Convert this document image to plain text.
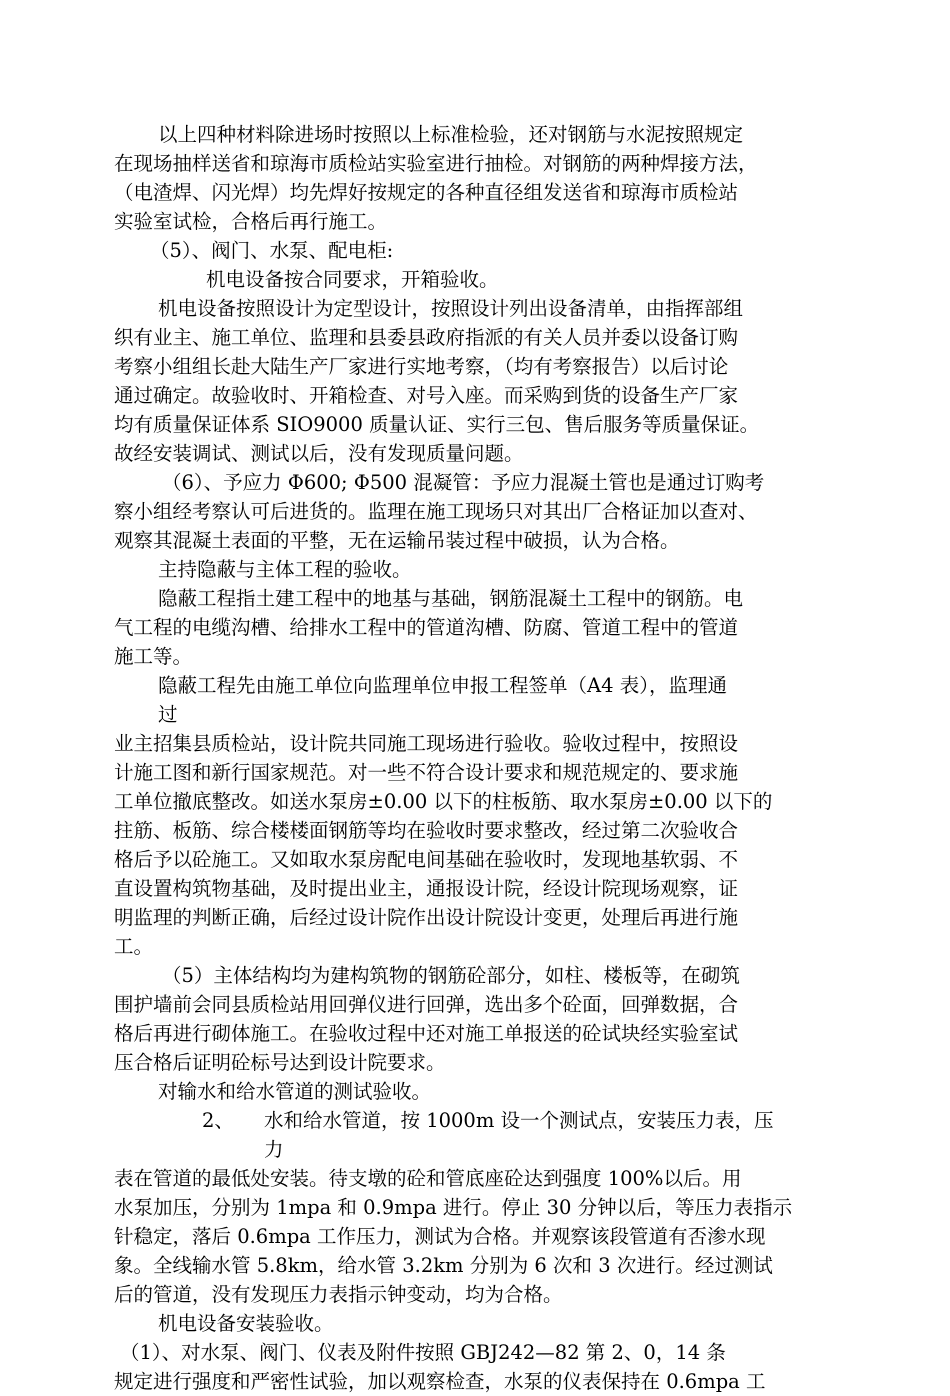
以上四种材料除进场时按照以上标准检验，还对钢筋与水泥按照规定
在现场抽样送省和琼海市质检站实验室进行抽检。对钢筋的两种焊接方法，
（电渣焊、闪光焊）均先焊好按规定的各种直径组发送省和琼海市质检站
实验室试检，合格后再行施工。
（5）、阀门、水泵、配电柜:
机电设备按合同要求，开箱验收。
机电设备按照设计为定型设计，按照设计列出设备清单，由指挥部组
织有业主、施工单位、监理和县委县政府指派的有关人员并委以设备订购
考察小组组长赴大陆生产厂家进行实地考察，（均有考察报告）以后讨论
通过确定。故验收时、开箱检查、对号入座。而采购到货的设备生产厂家
均有质量保证体系 SIO9000 质量认证、实行三包、售后服务等质量保证。
故经安装调试、测试以后，没有发现质量问题。
（6）、予应力 Φ600; Φ500 混凝管：予应力混凝土管也是通过订购考
察小组经考察认可后进货的。监理在施工现场只对其出厂合格证加以查对、
观察其混凝土表面的平整，无在运输吊装过程中破损，认为合格。
主持隐蔽与主体工程的验收。
隐蔽工程指土建工程中的地基与基础，钢筋混凝土工程中的钢筋。电
气工程的电缆沟槽、给排水工程中的管道沟槽、防腐、管道工程中的管道
施工等。
隐蔽工程先由施工单位向监理单位申报工程签单（A4 表），监理通
过
业主招集县质检站，设计院共同施工现场进行验收。验收过程中，按照设
计施工图和新行国家规范。对一些不符合设计要求和规范规定的、要求施
工单位撤底整改。如送水泵房±0.00 以下的柱板筋、取水泵房±0.00 以下的
拄筋、板筋、综合楼楼面钢筋等均在验收时要求整改，经过第二次验收合
格后予以砼施工。又如取水泵房配电间基础在验收时，发现地基软弱、不
直设置构筑物基础，及时提出业主，通报设计院，经设计院现场观察，证
明监理的判断正确，后经过设计院作出设计院设计变更，处理后再进行施
工。
（5）主体结构均为建构筑物的钢筋砼部分，如柱、楼板等，在砌筑
围护墙前会同县质检站用回弹仪进行回弹，选出多个砼面，回弹数据，合
格后再进行砌体施工。在验收过程中还对施工单报送的砼试块经实验室试
压合格后证明砼标号达到设计院要求。
对输水和给水管道的测试验收。
2、 水和给水管道，按 1000m 设一个测试点，安装压力表，压
力
表在管道的最低处安装。待支墩的砼和管底座砼达到强度 100%以后。用
水泵加压，分别为 1mpa 和 0.9mpa 进行。停止 30 分钟以后，等压力表指示
针稳定，落后 0.6mpa 工作压力，测试为合格。并观察该段管道有否渗水现
象。全线输水管 5.8km，给水管 3.2km 分别为 6 次和 3 次进行。经过测试
后的管道，没有发现压力表指示钟变动，均为合格。
机电设备安装验收。
（1）、对水泵、阀门、仪表及附件按照 GBJ242—82 第 2、0，14 条
规定进行强度和严密性试验，加以观察检查，水泵的仪表保持在 0.6mpa 工
